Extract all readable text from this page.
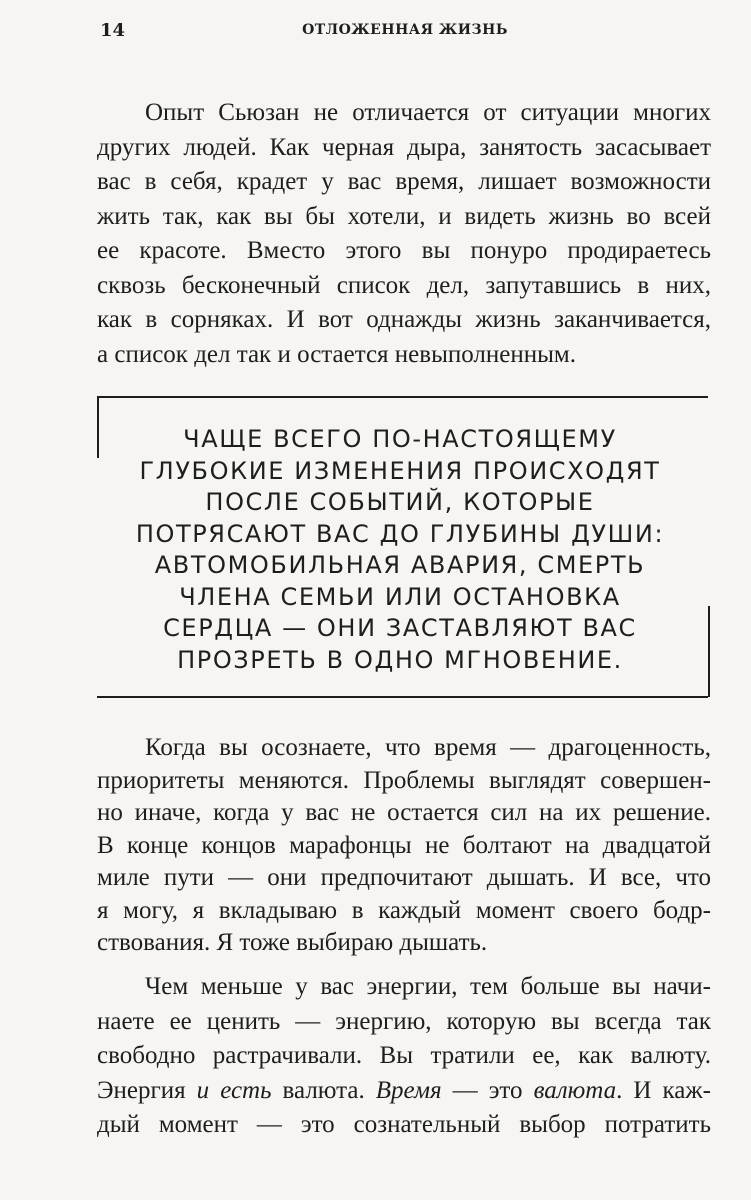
14	ОТЛОЖЕННАЯ ЖИЗНЬ
Опыт Сьюзан не отличается от ситуации многих
других людей. Как черная дыра, занятость засасывает
вас в себя, крадет у вас время, лишает возможности
жить так, как вы бы хотели, и видеть жизнь во всей
ее красоте. Вместо этого вы понуро продираетесь
сквозь бесконечный список дел, запутавшись в них,
как в сорняках. И вот однажды жизнь заканчивается,
а список дел так и остается невыполненным.
ЧАЩЕ ВСЕГО ПО-НАСТОЯЩЕМУ
ГЛУБОКИЕ ИЗМЕНЕНИЯ ПРОИСХОДЯТ
ПОСЛЕ СОБЫТИЙ, КОТОРЫЕ
ПОТРЯСАЮТ ВАС ДО ГЛУБИНЫ ДУШИ:
АВТОМОБИЛЬНАЯ АВАРИЯ, СМЕРТЬ
ЧЛЕНА СЕМЬИ ИЛИ ОСТАНОВКА
СЕРДЦА — ОНИ ЗАСТАВЛЯЮТ ВАС
ПРОЗРЕТЬ В ОДНО МГНОВЕНИЕ.
Когда вы осознаете, что время — драгоценность,
приоритеты меняются. Проблемы выглядят совершен-
но иначе, когда у вас не остается сил на их решение.
В конце концов марафонцы не болтают на двадцатой
миле пути — они предпочитают дышать. И все, что
я могу, я вкладываю в каждый момент своего бодр-
ствования. Я тоже выбираю дышать.
Чем меньше у вас энергии, тем больше вы начи-
наете ее ценить — энергию, которую вы всегда так
свободно растрачивали. Вы тратили ее, как валюту.
Энергия и есть валюта. Время — это валюта. И каж-
дый момент — это сознательный выбор потратить
